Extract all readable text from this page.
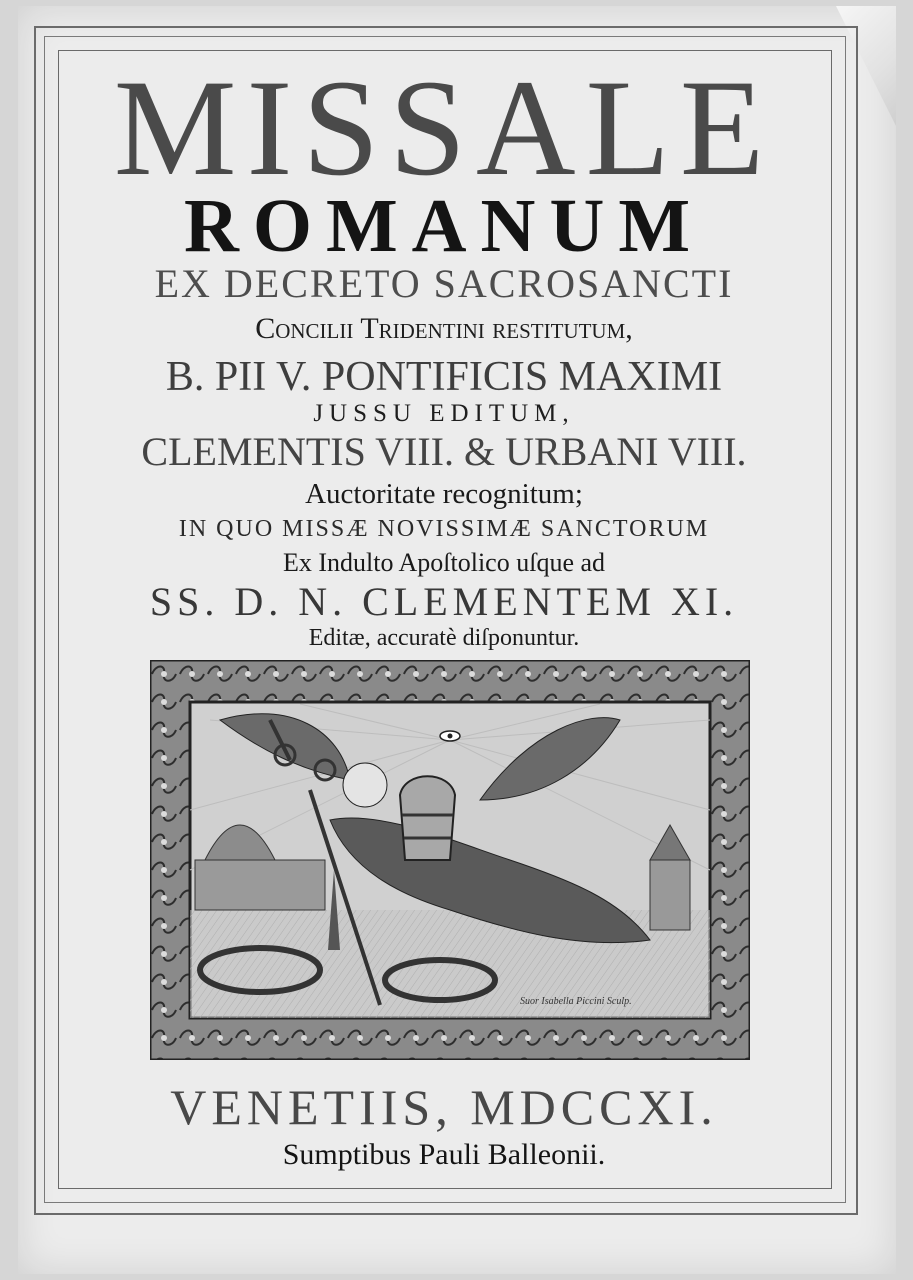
MISSALE
ROMANUM
EX DECRETO SACROSANCTI
Concilii Tridentini reſtitutum,
B. PII V. PONTIFICIS MAXIMI
JUSSU EDITUM,
CLEMENTIS VIII. & URBANI VIII.
Auctoritate recognitum;
IN QUO MISSÆ NOVISSIMÆ SANCTORUM
Ex Indulto Apoſtolico uſque ad
SS. D. N. CLEMENTEM XI.
Editæ, accuratè diſponuntur.
Suor Isabella Piccini Sculp.
VENETIIS, MDCCXI.
Sumptibus Pauli Balleonii.
